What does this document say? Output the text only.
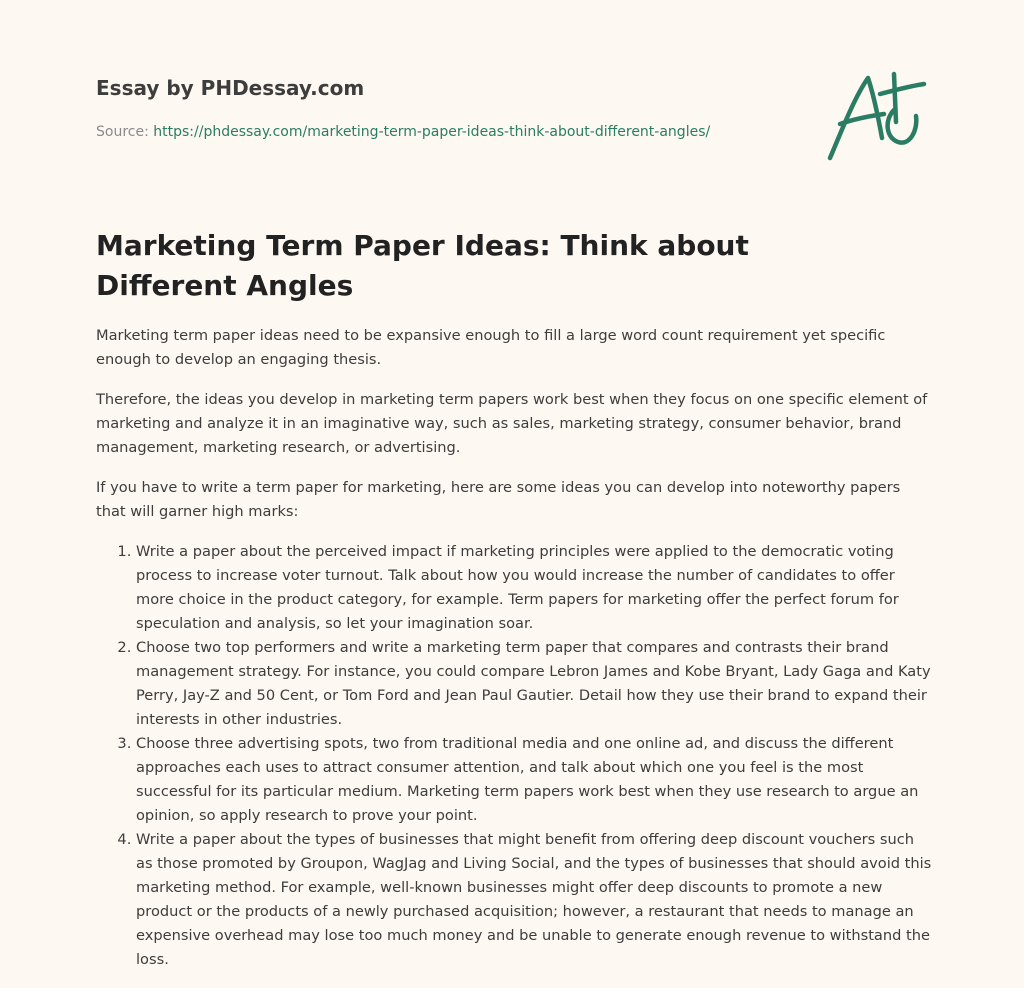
Essay by PHDessay.com
Source: https://phdessay.com/marketing-term-paper-ideas-think-about-different-angles/
A+
Marketing Term Paper Ideas: Think about Different Angles

Marketing term paper ideas need to be expansive enough to fill a large word count requirement yet specific enough to develop an engaging thesis.

Therefore, the ideas you develop in marketing term papers work best when they focus on one specific element of marketing and analyze it in an imaginative way, such as sales, marketing strategy, consumer behavior, brand management, marketing research, or advertising.

If you have to write a term paper for marketing, here are some ideas you can develop into noteworthy papers that will garner high marks:

1. Write a paper about the perceived impact if marketing principles were applied to the democratic voting process to increase voter turnout. Talk about how you would increase the number of candidates to offer more choice in the product category, for example. Term papers for marketing offer the perfect forum for speculation and analysis, so let your imagination soar.
2. Choose two top performers and write a marketing term paper that compares and contrasts their brand management strategy. For instance, you could compare Lebron James and Kobe Bryant, Lady Gaga and Katy Perry, Jay-Z and 50 Cent, or Tom Ford and Jean Paul Gautier. Detail how they use their brand to expand their interests in other industries.
3. Choose three advertising spots, two from traditional media and one online ad, and discuss the different approaches each uses to attract consumer attention, and talk about which one you feel is the most successful for its particular medium. Marketing term papers work best when they use research to argue an opinion, so apply research to prove your point.
4. Write a paper about the types of businesses that might benefit from offering deep discount vouchers such as those promoted by Groupon, WagJag and Living Social, and the types of businesses that should avoid this marketing method. For example, well-known businesses might offer deep discounts to promote a new product or the products of a newly purchased acquisition; however, a restaurant that needs to manage an expensive overhead may lose too much money and be unable to generate enough revenue to withstand the loss.
